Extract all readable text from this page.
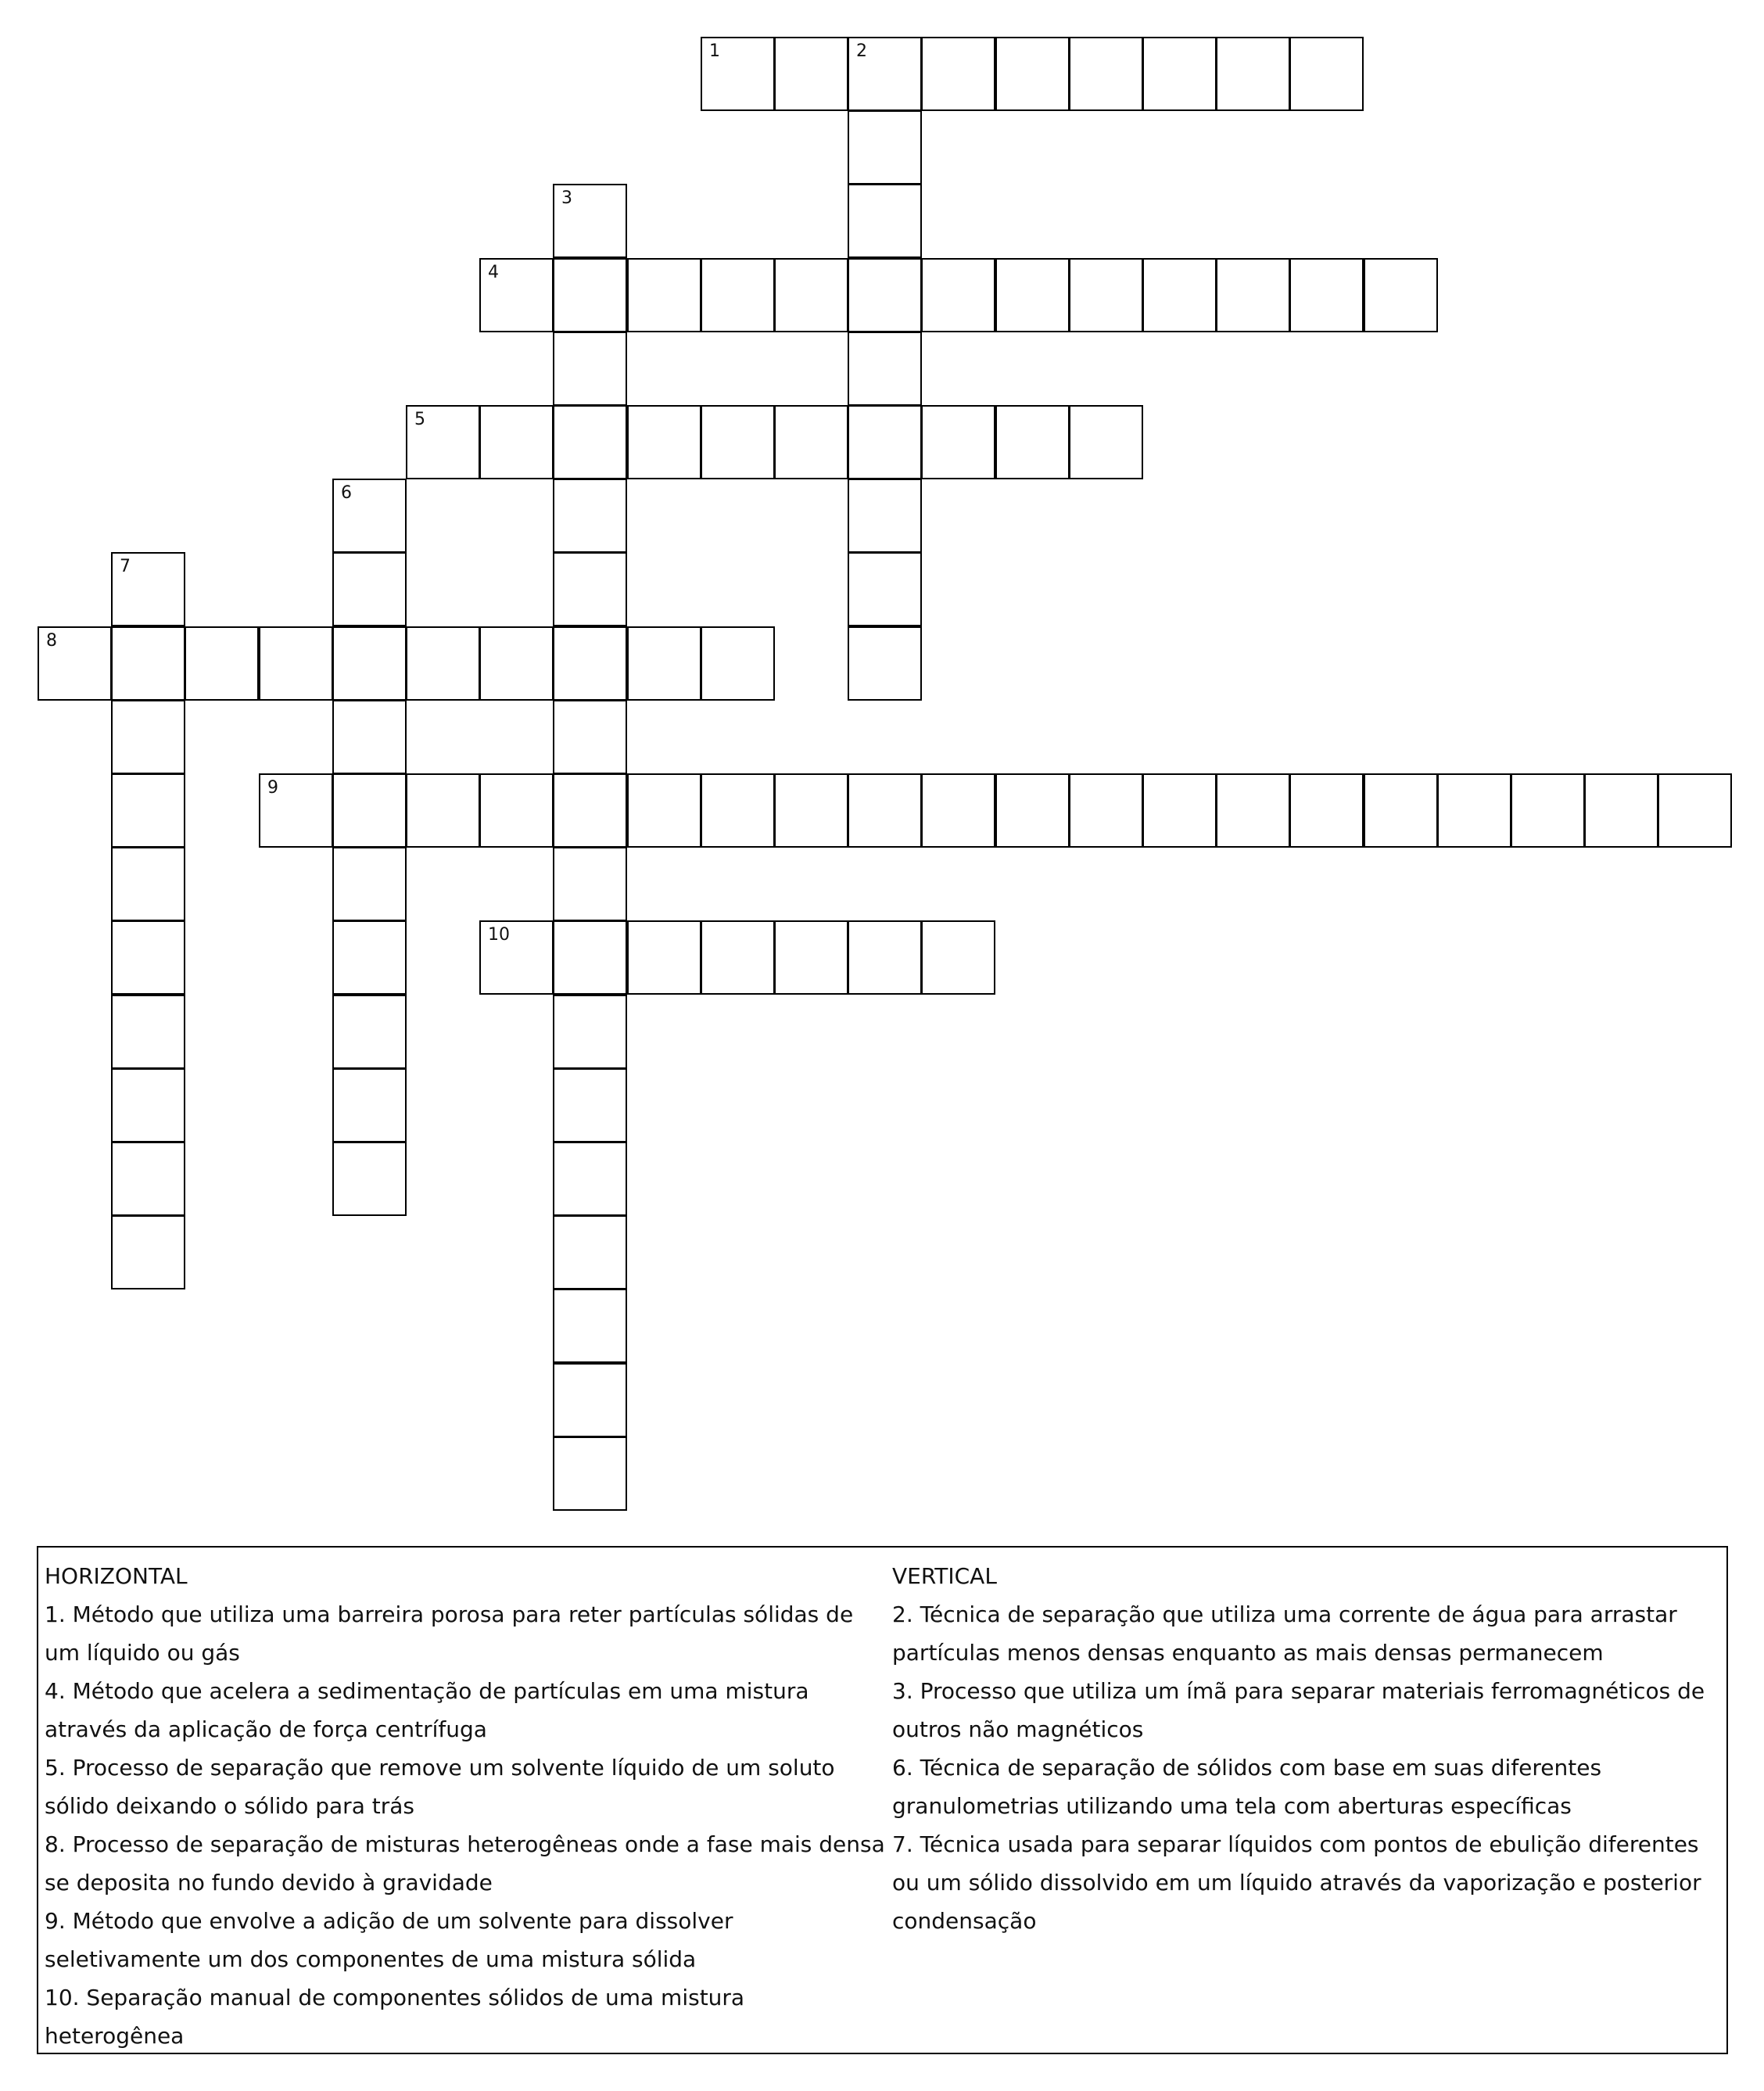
1	2
3
4
5
6
7
8
9
10
HORIZONTAL
1. Método que utiliza uma barreira porosa para reter partículas sólidas de um líquido ou gás
4. Método que acelera a sedimentação de partículas em uma mistura através da aplicação de força centrífuga
5. Processo de separação que remove um solvente líquido de um soluto sólido deixando o sólido para trás
8. Processo de separação de misturas heterogêneas onde a fase mais densa se deposita no fundo devido à gravidade
9. Método que envolve a adição de um solvente para dissolver seletivamente um dos componentes de uma mistura sólida
10. Separação manual de componentes sólidos de uma mistura heterogênea
VERTICAL
2. Técnica de separação que utiliza uma corrente de água para arrastar partículas menos densas enquanto as mais densas permanecem
3. Processo que utiliza um ímã para separar materiais ferromagnéticos de outros não magnéticos
6. Técnica de separação de sólidos com base em suas diferentes granulometrias utilizando uma tela com aberturas específicas
7. Técnica usada para separar líquidos com pontos de ebulição diferentes ou um sólido dissolvido em um líquido através da vaporização e posterior condensação
